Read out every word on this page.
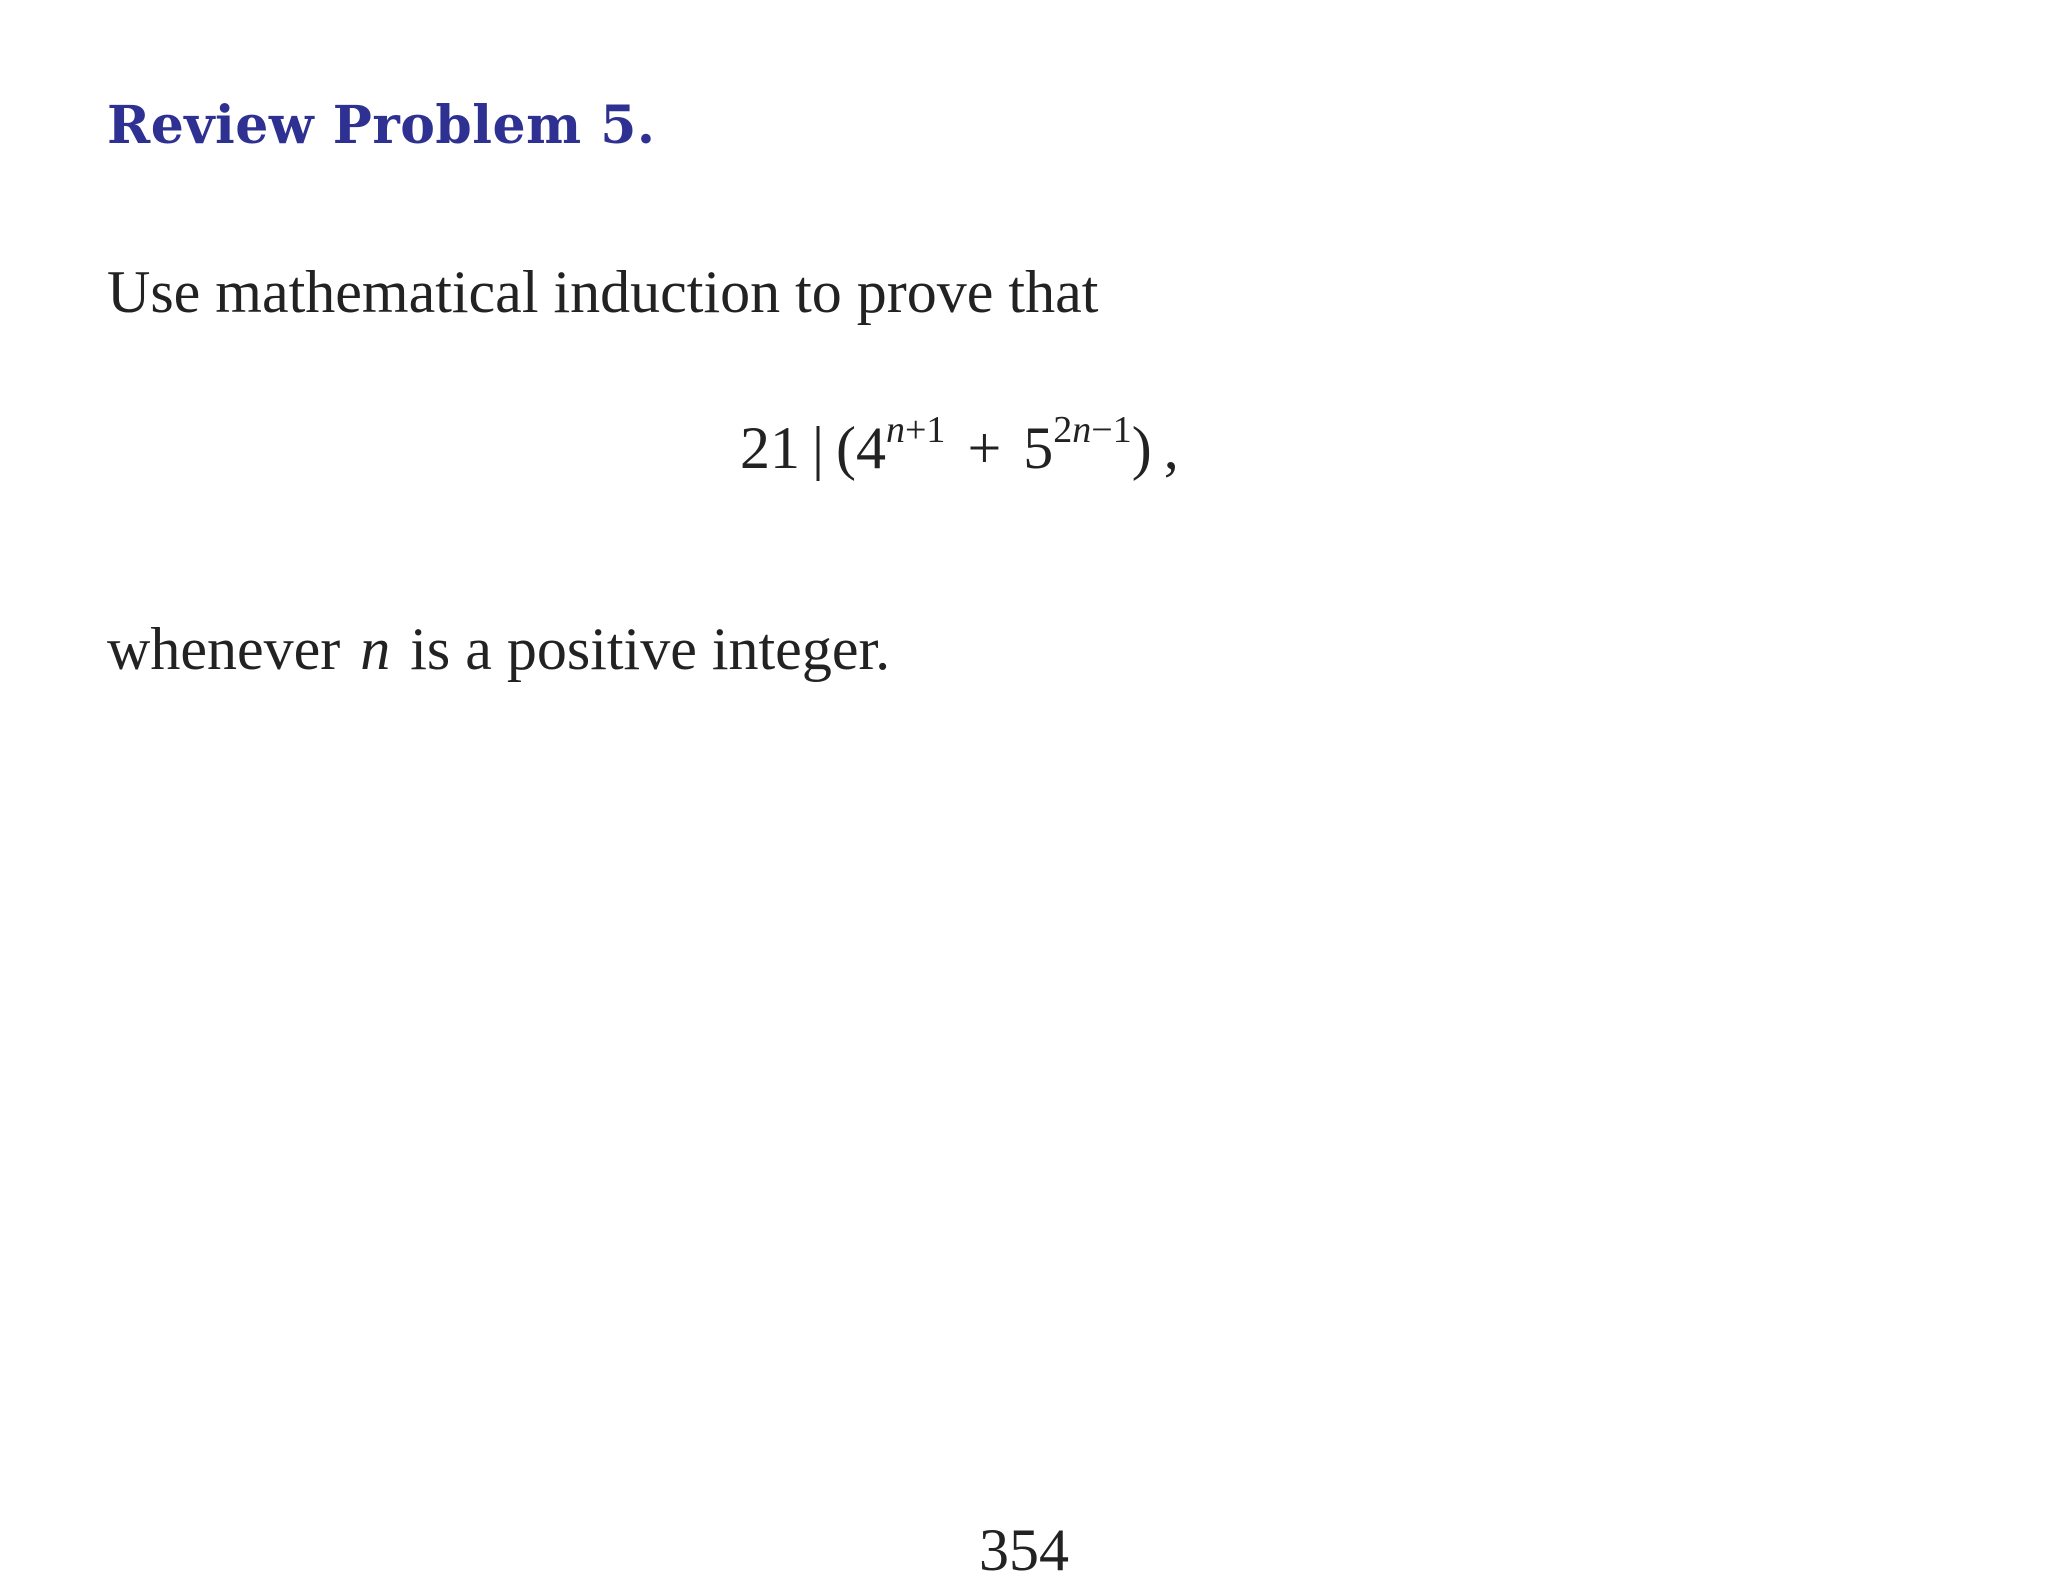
Review Problem 5.
Use mathematical induction to prove that
21 | $(4^{n+1} + 5^{2n-1})$ ,
whenever n is a positive integer.
354
